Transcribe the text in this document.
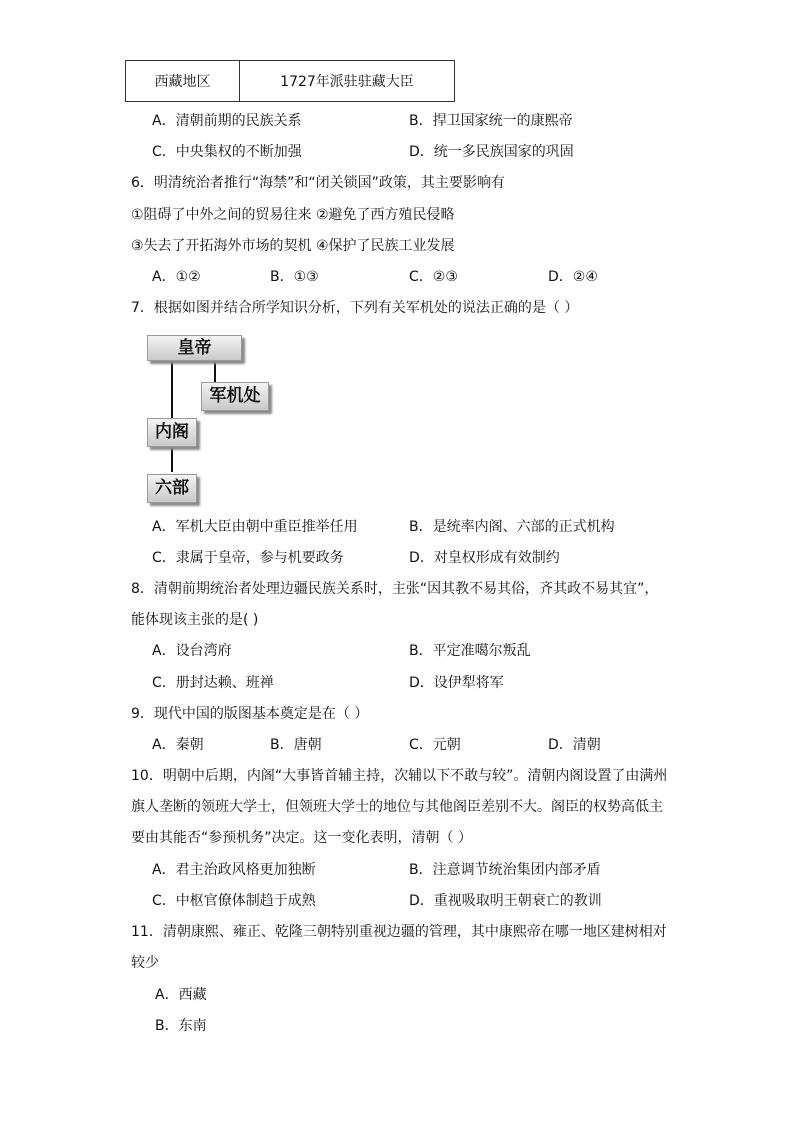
西藏地区	1727年派驻驻藏大臣
A．清朝前期的民族关系	B．捍卫国家统一的康熙帝
C．中央集权的不断加强	D．统一多民族国家的巩固
6．明清统治者推行“海禁”和“闭关锁国”政策，其主要影响有
①阻碍了中外之间的贸易往来 ②避免了西方殖民侵略
③失去了开拓海外市场的契机 ④保护了民族工业发展
A．①②	B．①③	C．②③	D．②④
7．根据如图并结合所学知识分析，下列有关军机处的说法正确的是（ ）
皇帝
军机处
内阁
六部
A．军机大臣由朝中重臣推举任用	B．是统率内阁、六部的正式机构
C．隶属于皇帝，参与机要政务	D．对皇权形成有效制约
8．清朝前期统治者处理边疆民族关系时，主张“因其教不易其俗，齐其政不易其宜”，
能体现该主张的是( )
A．设台湾府	B．平定准噶尔叛乱
C．册封达赖、班禅	D．设伊犁将军
9．现代中国的版图基本奠定是在（ ）
A．秦朝	B．唐朝	C．元朝	D．清朝
10．明朝中后期，内阁“大事皆首辅主持，次辅以下不敢与较”。清朝内阁设置了由满州
旗人垄断的领班大学士，但领班大学士的地位与其他阁臣差别不大。阁臣的权势高低主
要由其能否“参预机务”决定。这一变化表明，清朝（ ）
A．君主治政风格更加独断	B．注意调节统治集团内部矛盾
C．中枢官僚体制趋于成熟	D．重视吸取明王朝衰亡的教训
11．清朝康熙、雍正、乾隆三朝特别重视边疆的管理，其中康熙帝在哪一地区建树相对
较少
A．西藏
B．东南
